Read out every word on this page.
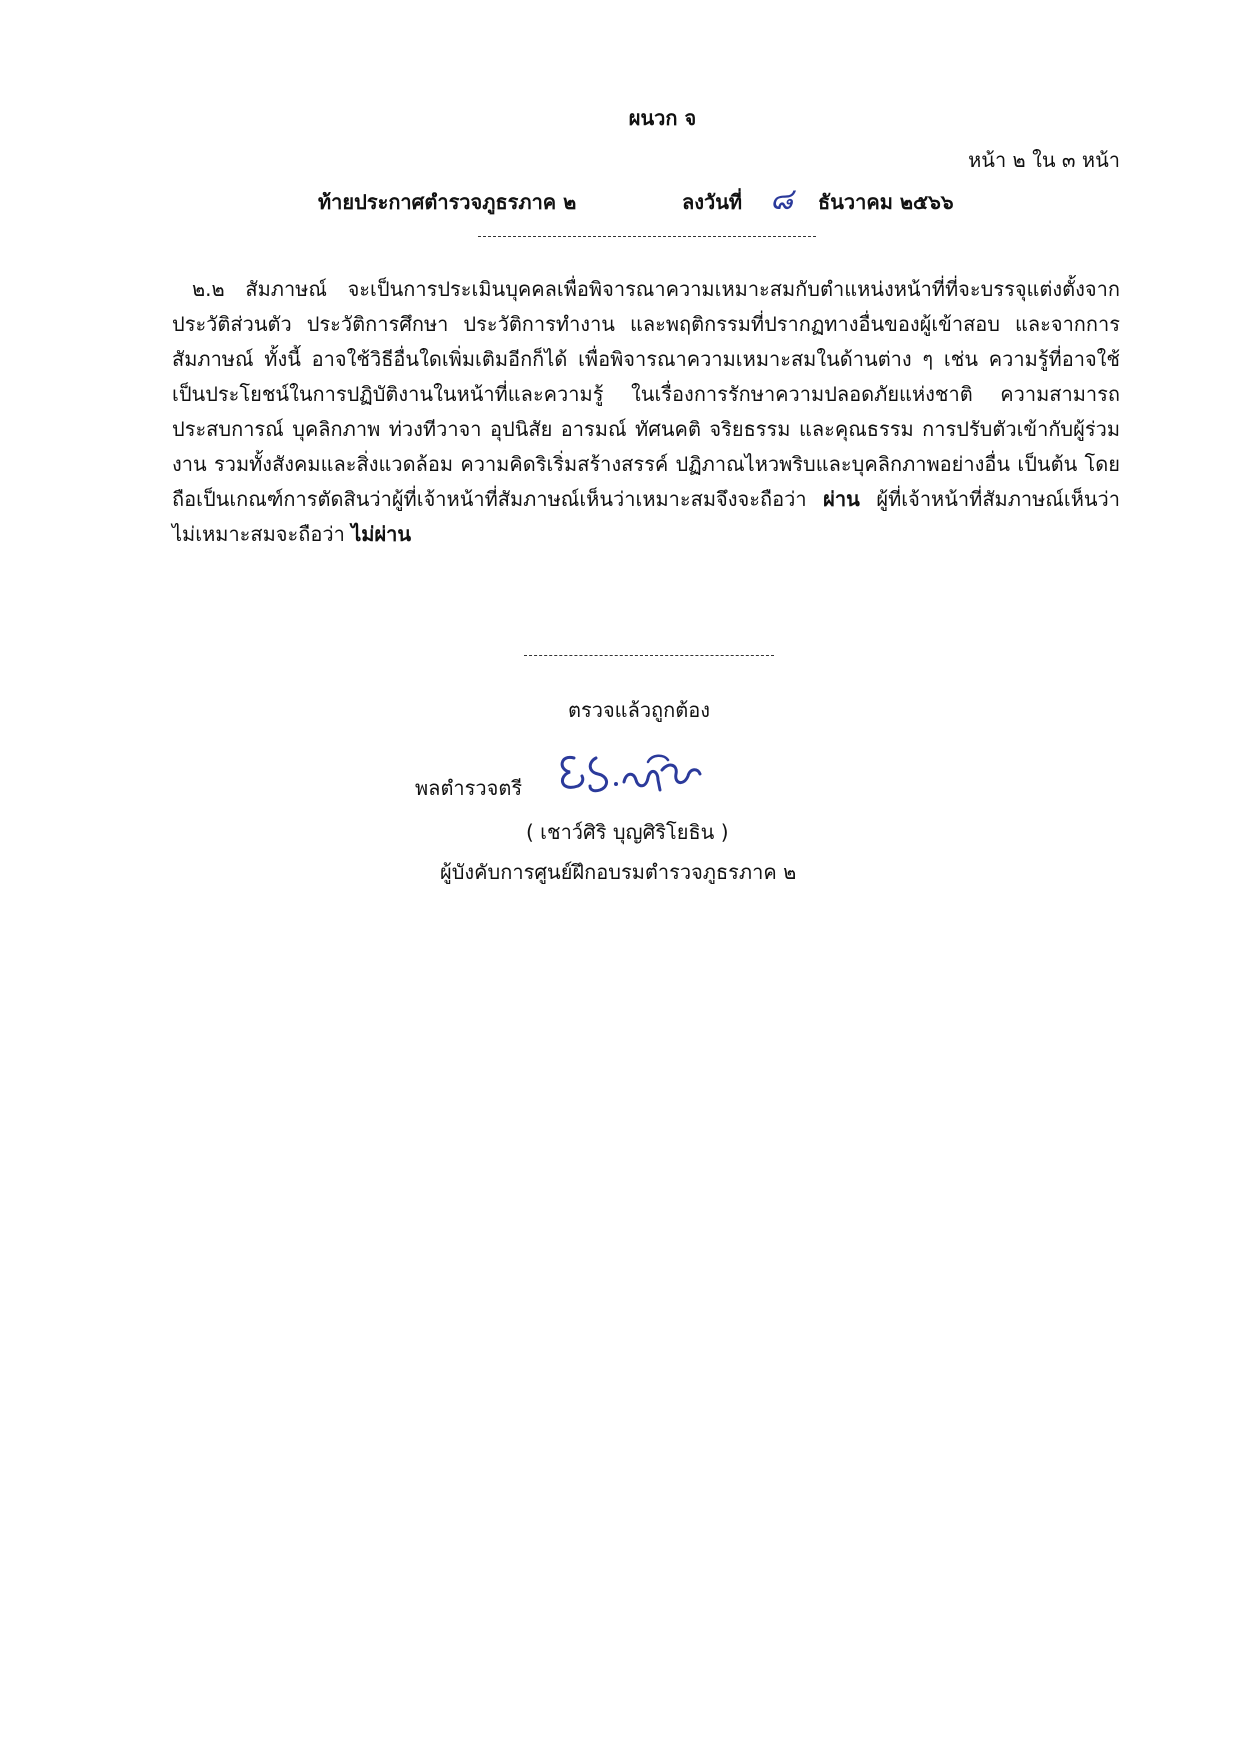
ผนวก จ
หน้า ๒ ใน ๓ หน้า
ท้ายประกาศตำรวจภูธรภาค ๒	ลงวันที่ ๘ ธันวาคม ๒๕๖๖

๒.๒ สัมภาษณ์ จะเป็นการประเมินบุคคลเพื่อพิจารณาความเหมาะสมกับตำแหน่งหน้าที่ที่จะบรรจุแต่งตั้งจากประวัติส่วนตัว ประวัติการศึกษา ประวัติการทำงาน และพฤติกรรมที่ปรากฏทางอื่นของผู้เข้าสอบ และจากการสัมภาษณ์ ทั้งนี้ อาจใช้วิธีอื่นใดเพิ่มเติมอีกก็ได้ เพื่อพิจารณาความเหมาะสมในด้านต่าง ๆ เช่น ความรู้ที่อาจใช้เป็นประโยชน์ในการปฏิบัติงานในหน้าที่และความรู้ ในเรื่องการรักษาความปลอดภัยแห่งชาติ ความสามารถ ประสบการณ์ บุคลิกภาพ ท่วงทีวาจา อุปนิสัย อารมณ์ ทัศนคติ จริยธรรม และคุณธรรม การปรับตัวเข้ากับผู้ร่วมงาน รวมทั้งสังคมและสิ่งแวดล้อม ความคิดริเริ่มสร้างสรรค์ ปฏิภาณไหวพริบและบุคลิกภาพอย่างอื่น เป็นต้น โดยถือเป็นเกณฑ์การตัดสินว่าผู้ที่เจ้าหน้าที่สัมภาษณ์เห็นว่าเหมาะสมจึงจะถือว่า ผ่าน ผู้ที่เจ้าหน้าที่สัมภาษณ์เห็นว่าไม่เหมาะสมจะถือว่า ไม่ผ่าน

ตรวจแล้วถูกต้อง
พลตำรวจตรี
( เชาว์ศิริ บุญศิริโยธิน )
ผู้บังคับการศูนย์ฝึกอบรมตำรวจภูธรภาค ๒
